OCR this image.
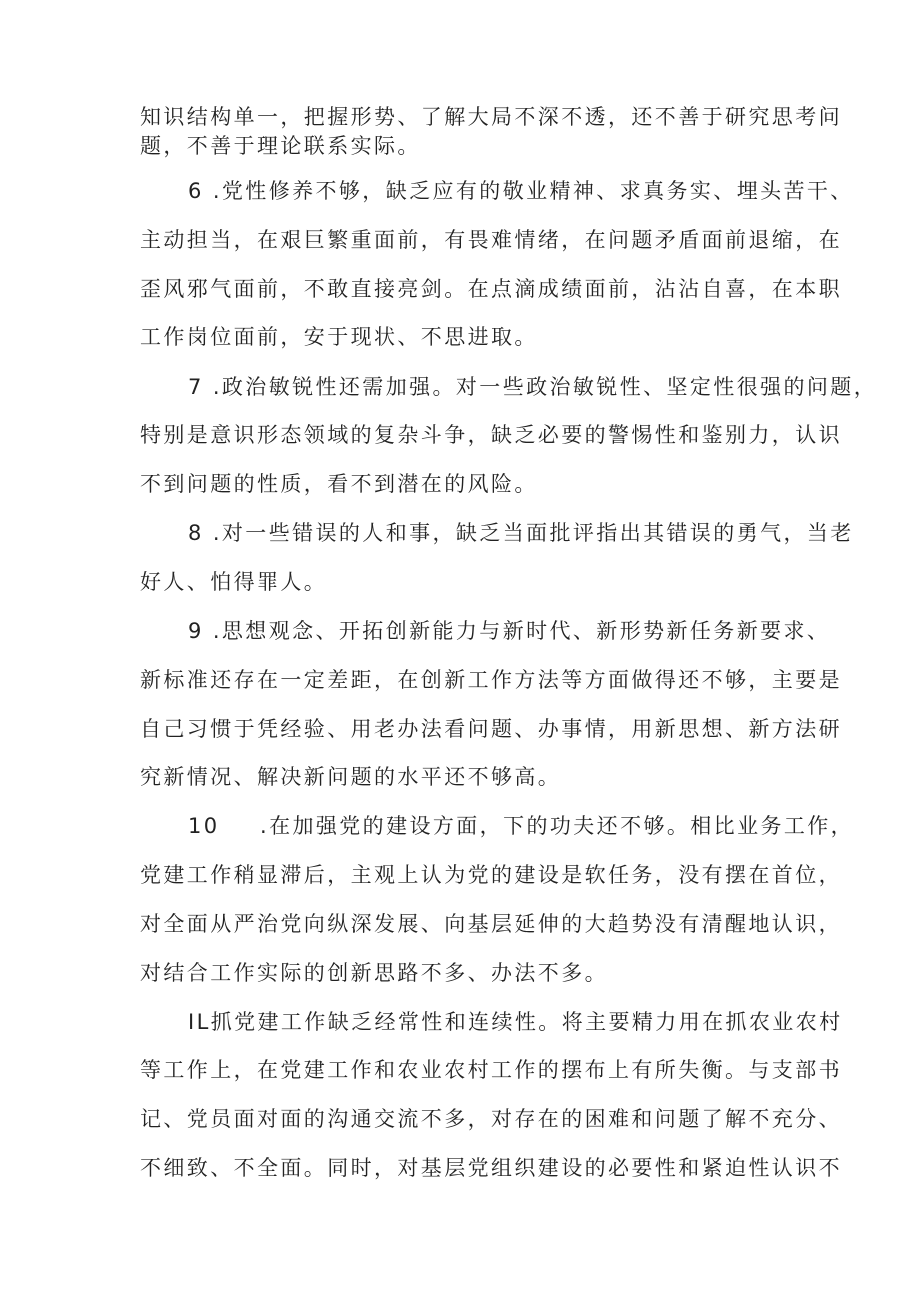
知识结构单一，把握形势、了解大局不深不透，还不善于研究思考问
题，不善于理论联系实际。
6 .党性修养不够，缺乏应有的敬业精神、求真务实、埋头苦干、
主动担当，在艰巨繁重面前，有畏难情绪，在问题矛盾面前退缩，在
歪风邪气面前，不敢直接亮剑。在点滴成绩面前，沾沾自喜，在本职
工作岗位面前，安于现状、不思进取。
7 .政治敏锐性还需加强。对一些政治敏锐性、坚定性很强的问题，
特别是意识形态领域的复杂斗争，缺乏必要的警惕性和鉴别力，认识
不到问题的性质，看不到潜在的风险。
8 .对一些错误的人和事，缺乏当面批评指出其错误的勇气，当老
好人、怕得罪人。
9 .思想观念、开拓创新能力与新时代、新形势新任务新要求、
新标准还存在一定差距，在创新工作方法等方面做得还不够，主要是
自己习惯于凭经验、用老办法看问题、办事情，用新思想、新方法研
究新情况、解决新问题的水平还不够高。
10 .在加强党的建设方面，下的功夫还不够。相比业务工作，
党建工作稍显滞后，主观上认为党的建设是软任务，没有摆在首位，
对全面从严治党向纵深发展、向基层延伸的大趋势没有清醒地认识，
对结合工作实际的创新思路不多、办法不多。
IL抓党建工作缺乏经常性和连续性。将主要精力用在抓农业农村
等工作上，在党建工作和农业农村工作的摆布上有所失衡。与支部书
记、党员面对面的沟通交流不多，对存在的困难和问题了解不充分、
不细致、不全面。同时，对基层党组织建设的必要性和紧迫性认识不
